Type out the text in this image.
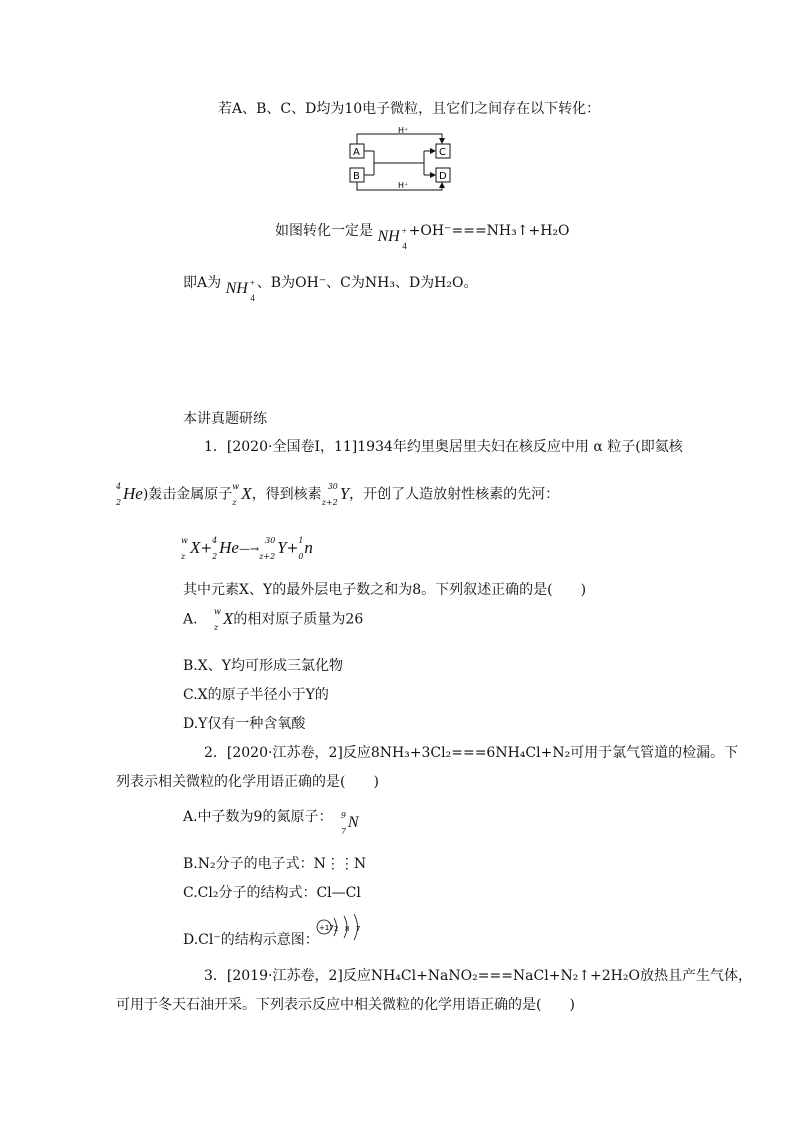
若A、B、C、D均为10电子微粒，且它们之间存在以下转化：
A
B
C
D
H⁺
H⁺
如图转化一定是 NH +
4
+OH⁻===NH₃↑+H₂O
即A为 NH +
4
、B为OH⁻、C为NH₃、D为H₂O。
本讲真题研练
1．[2020·全国卷Ⅰ，11]1934年约里奥居里夫妇在核反应中用 α 粒子(即氦核
4
2 He)轰击金属原子 w
z X，得到核素 30
z+2 Y，开创了人造放射性核素的先河：
w
z X+ 4
2 He—→
30
z+2 Y+ 1
0 n
其中元素X、Y的最外层电子数之和为8。下列叙述正确的是(　　)
A. w
z X的相对原子质量为26
B.X、Y均可形成三氯化物
C.X的原子半径小于Y的
D.Y仅有一种含氧酸
2．[2020·江苏卷，2]反应8NH₃+3Cl₂===6NH₄Cl+N₂可用于氯气管道的检漏。下
列表示相关微粒的化学用语正确的是(　　)
A.中子数为9的氮原子： 9
7
N
B.N₂分子的电子式：N⋮⋮N
C.Cl₂分子的结构式：Cl—Cl
D.Cl⁻的结构示意图：
+17 2 8 7
3．[2019·江苏卷，2]反应NH₄Cl+NaNO₂===NaCl+N₂↑+2H₂O放热且产生气体，
可用于冬天石油开采。下列表示反应中相关微粒的化学用语正确的是(　　)
